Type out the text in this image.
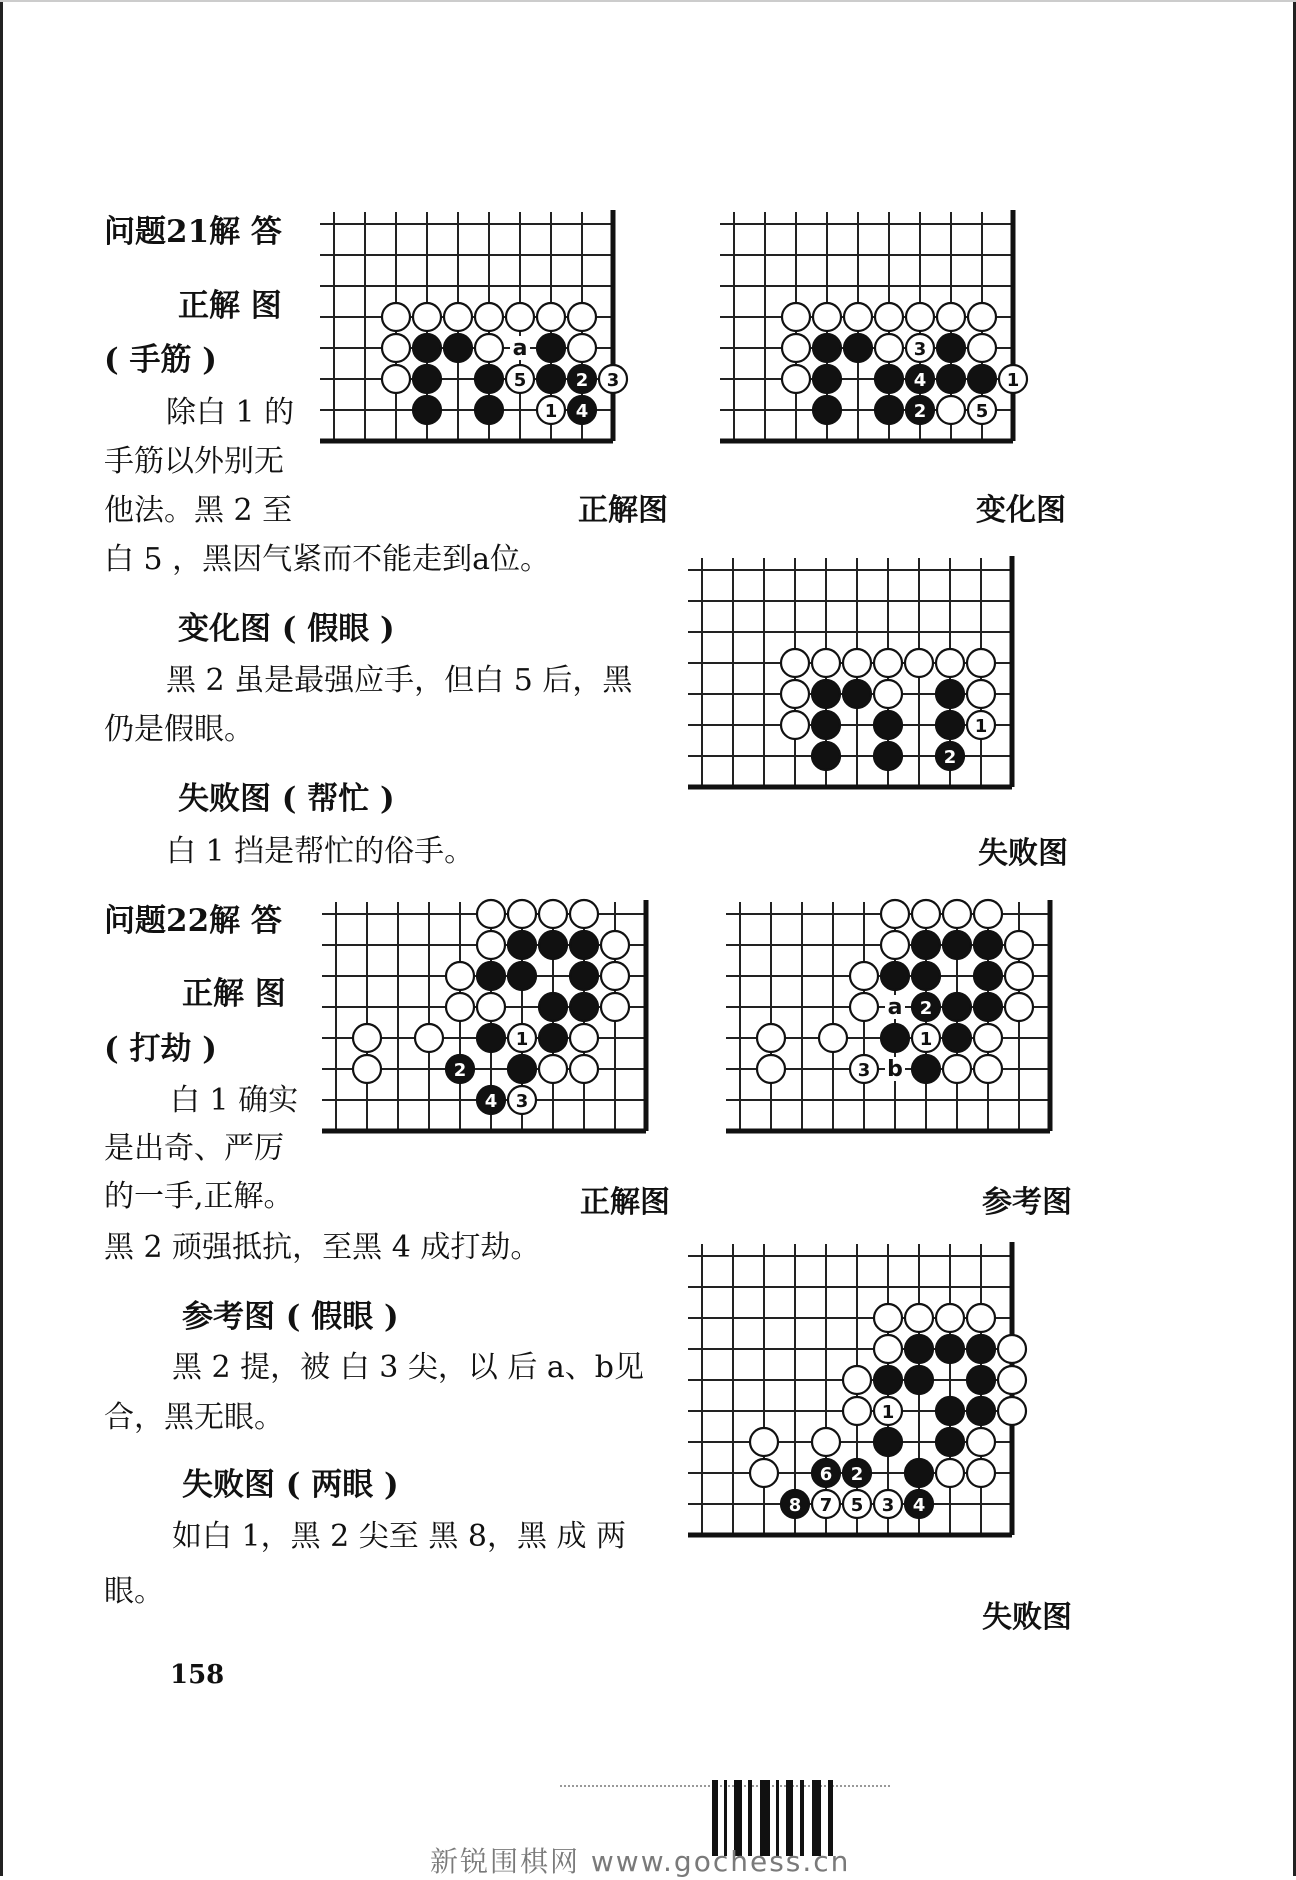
问题21解 答
正解 图
( 手筋 )
除白 1 的
手筋以外别无
他法。黑 2 至
白 5 ，黑因气紧而不能走到a位。
变化图 ( 假眼 )
黑 2 虽是最强应手，但白 5 后，黑
仍是假眼。
失败图 ( 帮忙 )
白 1 挡是帮忙的俗手。
a
5	2 3
1 4
3
4	1
2	5
1
2
正解图	变化图
失败图
问题22解 答
正解 图
( 打劫 )
白 1 确实
是出奇、严厉
的一手,正解。
黑 2 顽强抵抗，至黑 4 成打劫。
参考图 ( 假眼 )
黑 2 提，被 白 3 尖，以 后 a、b见
合，黑无眼。
失败图 ( 两眼 )
如白 1，黑 2 尖至 黑 8，黑 成 两
眼。
1
2
4 3
a
b
2
1
3
1
6 2
8 7 5 3 4
正解图	参考图
失败图
158
新锐围棋网 www.gochess.cn
